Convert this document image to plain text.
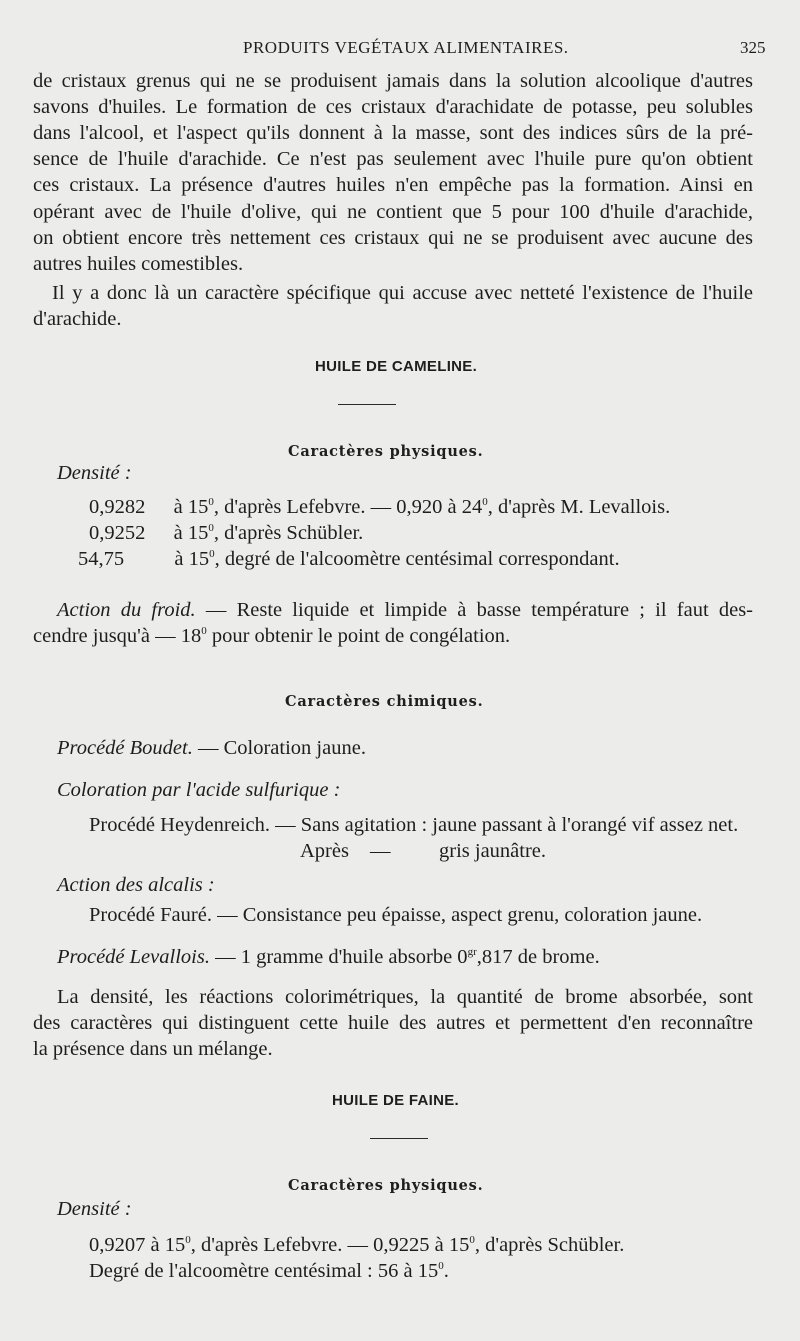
PRODUITS VEGÉTAUX ALIMENTAIRES.	325
de cristaux grenus qui ne se produisent jamais dans la solution alcoolique d'autres
savons d'huiles. Le formation de ces cristaux d'arachidate de potasse, peu solubles
dans l'alcool, et l'aspect qu'ils donnent à la masse, sont des indices sûrs de la pré-
sence de l'huile d'arachide. Ce n'est pas seulement avec l'huile pure qu'on obtient
ces cristaux. La présence d'autres huiles n'en empêche pas la formation. Ainsi en
opérant avec de l'huile d'olive, qui ne contient que 5 pour 100 d'huile d'arachide,
on obtient encore très nettement ces cristaux qui ne se produisent avec aucune des
autres huiles comestibles.
Il y a donc là un caractère spécifique qui accuse avec netteté l'existence de l'huile
d'arachide.
HUILE DE CAMELINE.
Caractères physiques.
Densité :
0,9282 à $15^0$, d'après Lefebvre. — 0,920 à $24^0$, d'après M. Levallois.
0,9252 à $15^0$, d'après Schübler.
54,75 à $15^0$, degré de l'alcoomètre centésimal correspondant.
Action du froid. — Reste liquide et limpide à basse température ; il faut des-
cendre jusqu'à — $18^0$ pour obtenir le point de congélation.
Caractères chimiques.
Procédé Boudet. — Coloration jaune.
Coloration par l'acide sulfurique :
Procédé Heydenreich. — Sans agitation : jaune passant à l'orangé vif assez net.
Après — gris jaunâtre.
Action des alcalis :
Procédé Fauré. — Consistance peu épaisse, aspect grenu, coloration jaune.
Procédé Levallois. — 1 gramme d'huile absorbe $0^{gr},817$ de brome.
La densité, les réactions colorimétriques, la quantité de brome absorbée, sont
des caractères qui distinguent cette huile des autres et permettent d'en reconnaître
la présence dans un mélange.
HUILE DE FAINE.
Caractères physiques.
Densité :
0,9207 à $15^0$, d'après Lefebvre. — 0,9225 à $15^0$, d'après Schübler.
Degré de l'alcoomètre centésimal : 56 à $15^0$.
